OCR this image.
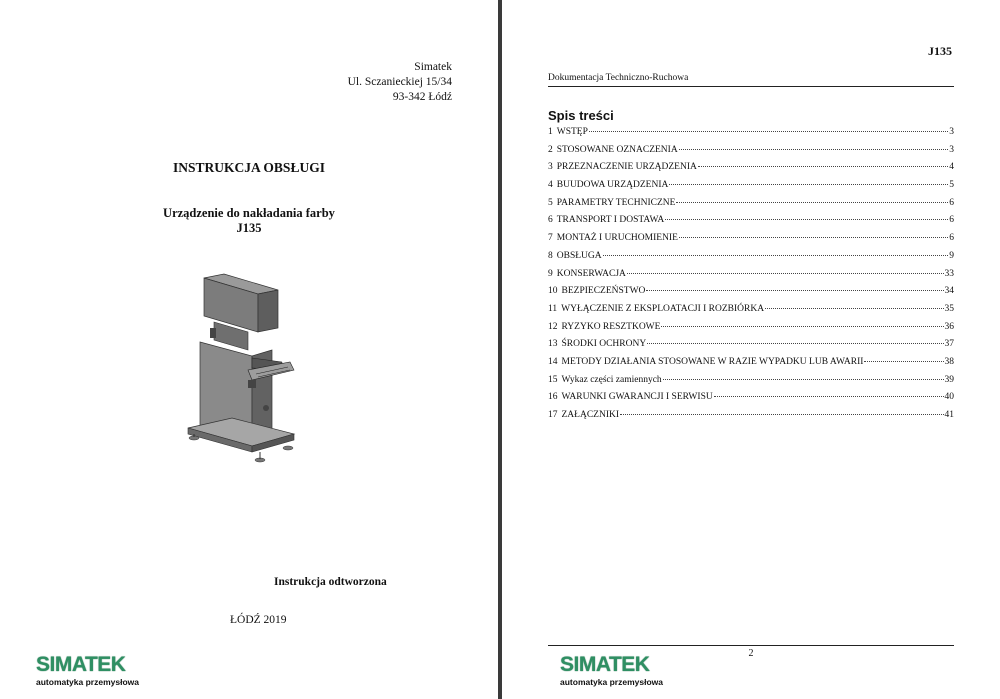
Simatek
Ul. Sczanieckiej 15/34
93-342 Łódź
INSTRUKCJA OBSŁUGI
Urządzenie do nakładania farby
J135
Instrukcja odtworzona
ŁÓDŹ 2019
SIMATEK
automatyka przemysłowa
J135
Dokumentacja Techniczno-Ruchowa
Spis treści
1 WSTĘP	3
2 STOSOWANE OZNACZENIA	3
3 PRZEZNACZENIE URZĄDZENIA	4
4 BUUDOWA URZĄDZENIA	5
5 PARAMETRY TECHNICZNE	6
6 TRANSPORT I DOSTAWA	6
7 MONTAŻ I URUCHOMIENIE	6
8 OBSŁUGA	9
9 KONSERWACJA	33
10 BEZPIECZEŃSTWO	34
11 WYŁĄCZENIE Z EKSPLOATACJI I ROZBIÓRKA	35
12 RYZYKO RESZTKOWE	36
13 ŚRODKI OCHRONY	37
14 METODY DZIAŁANIA STOSOWANE W RAZIE WYPADKU LUB AWARII	38
15 Wykaz części zamiennych	39
16 WARUNKI GWARANCJI I SERWISU	40
17 ZAŁĄCZNIKI	41
2
SIMATEK
automatyka przemysłowa
